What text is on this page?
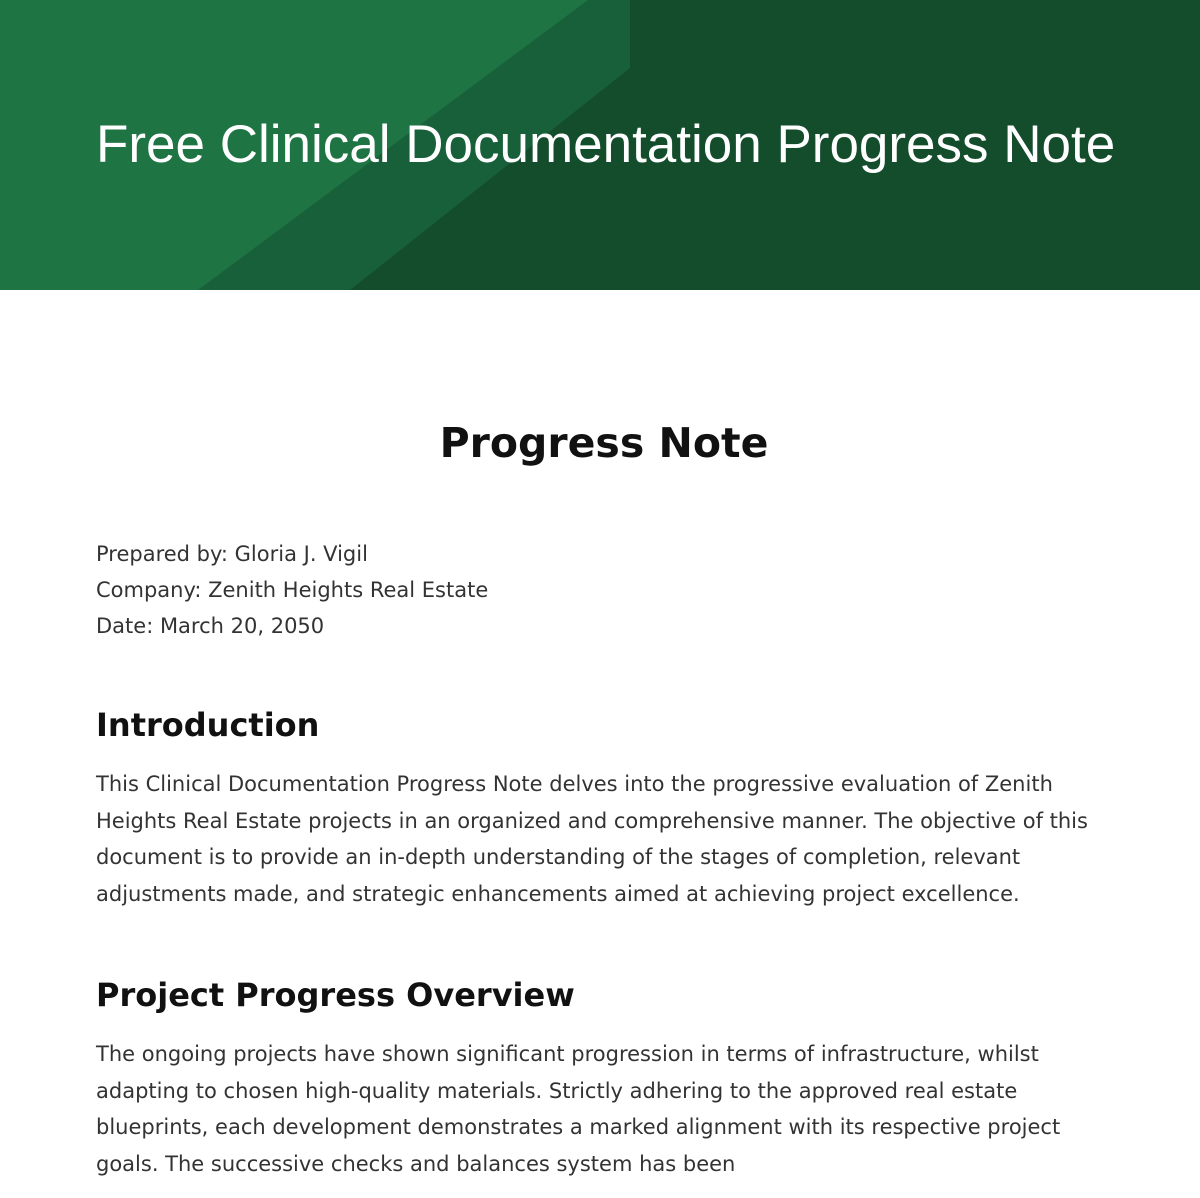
Free Clinical Documentation Progress Note
Progress Note
Prepared by: Gloria J. Vigil
Company: Zenith Heights Real Estate
Date: March 20, 2050
Introduction

This Clinical Documentation Progress Note delves into the progressive evaluation of Zenith Heights Real Estate projects in an organized and comprehensive manner. The objective of this document is to provide an in-depth understanding of the stages of completion, relevant adjustments made, and strategic enhancements aimed at achieving project excellence.

Project Progress Overview

The ongoing projects have shown significant progression in terms of infrastructure, whilst adapting to chosen high-quality materials. Strictly adhering to the approved real estate blueprints, each development demonstrates a marked alignment with its respective project goals. The successive checks and balances system has been
